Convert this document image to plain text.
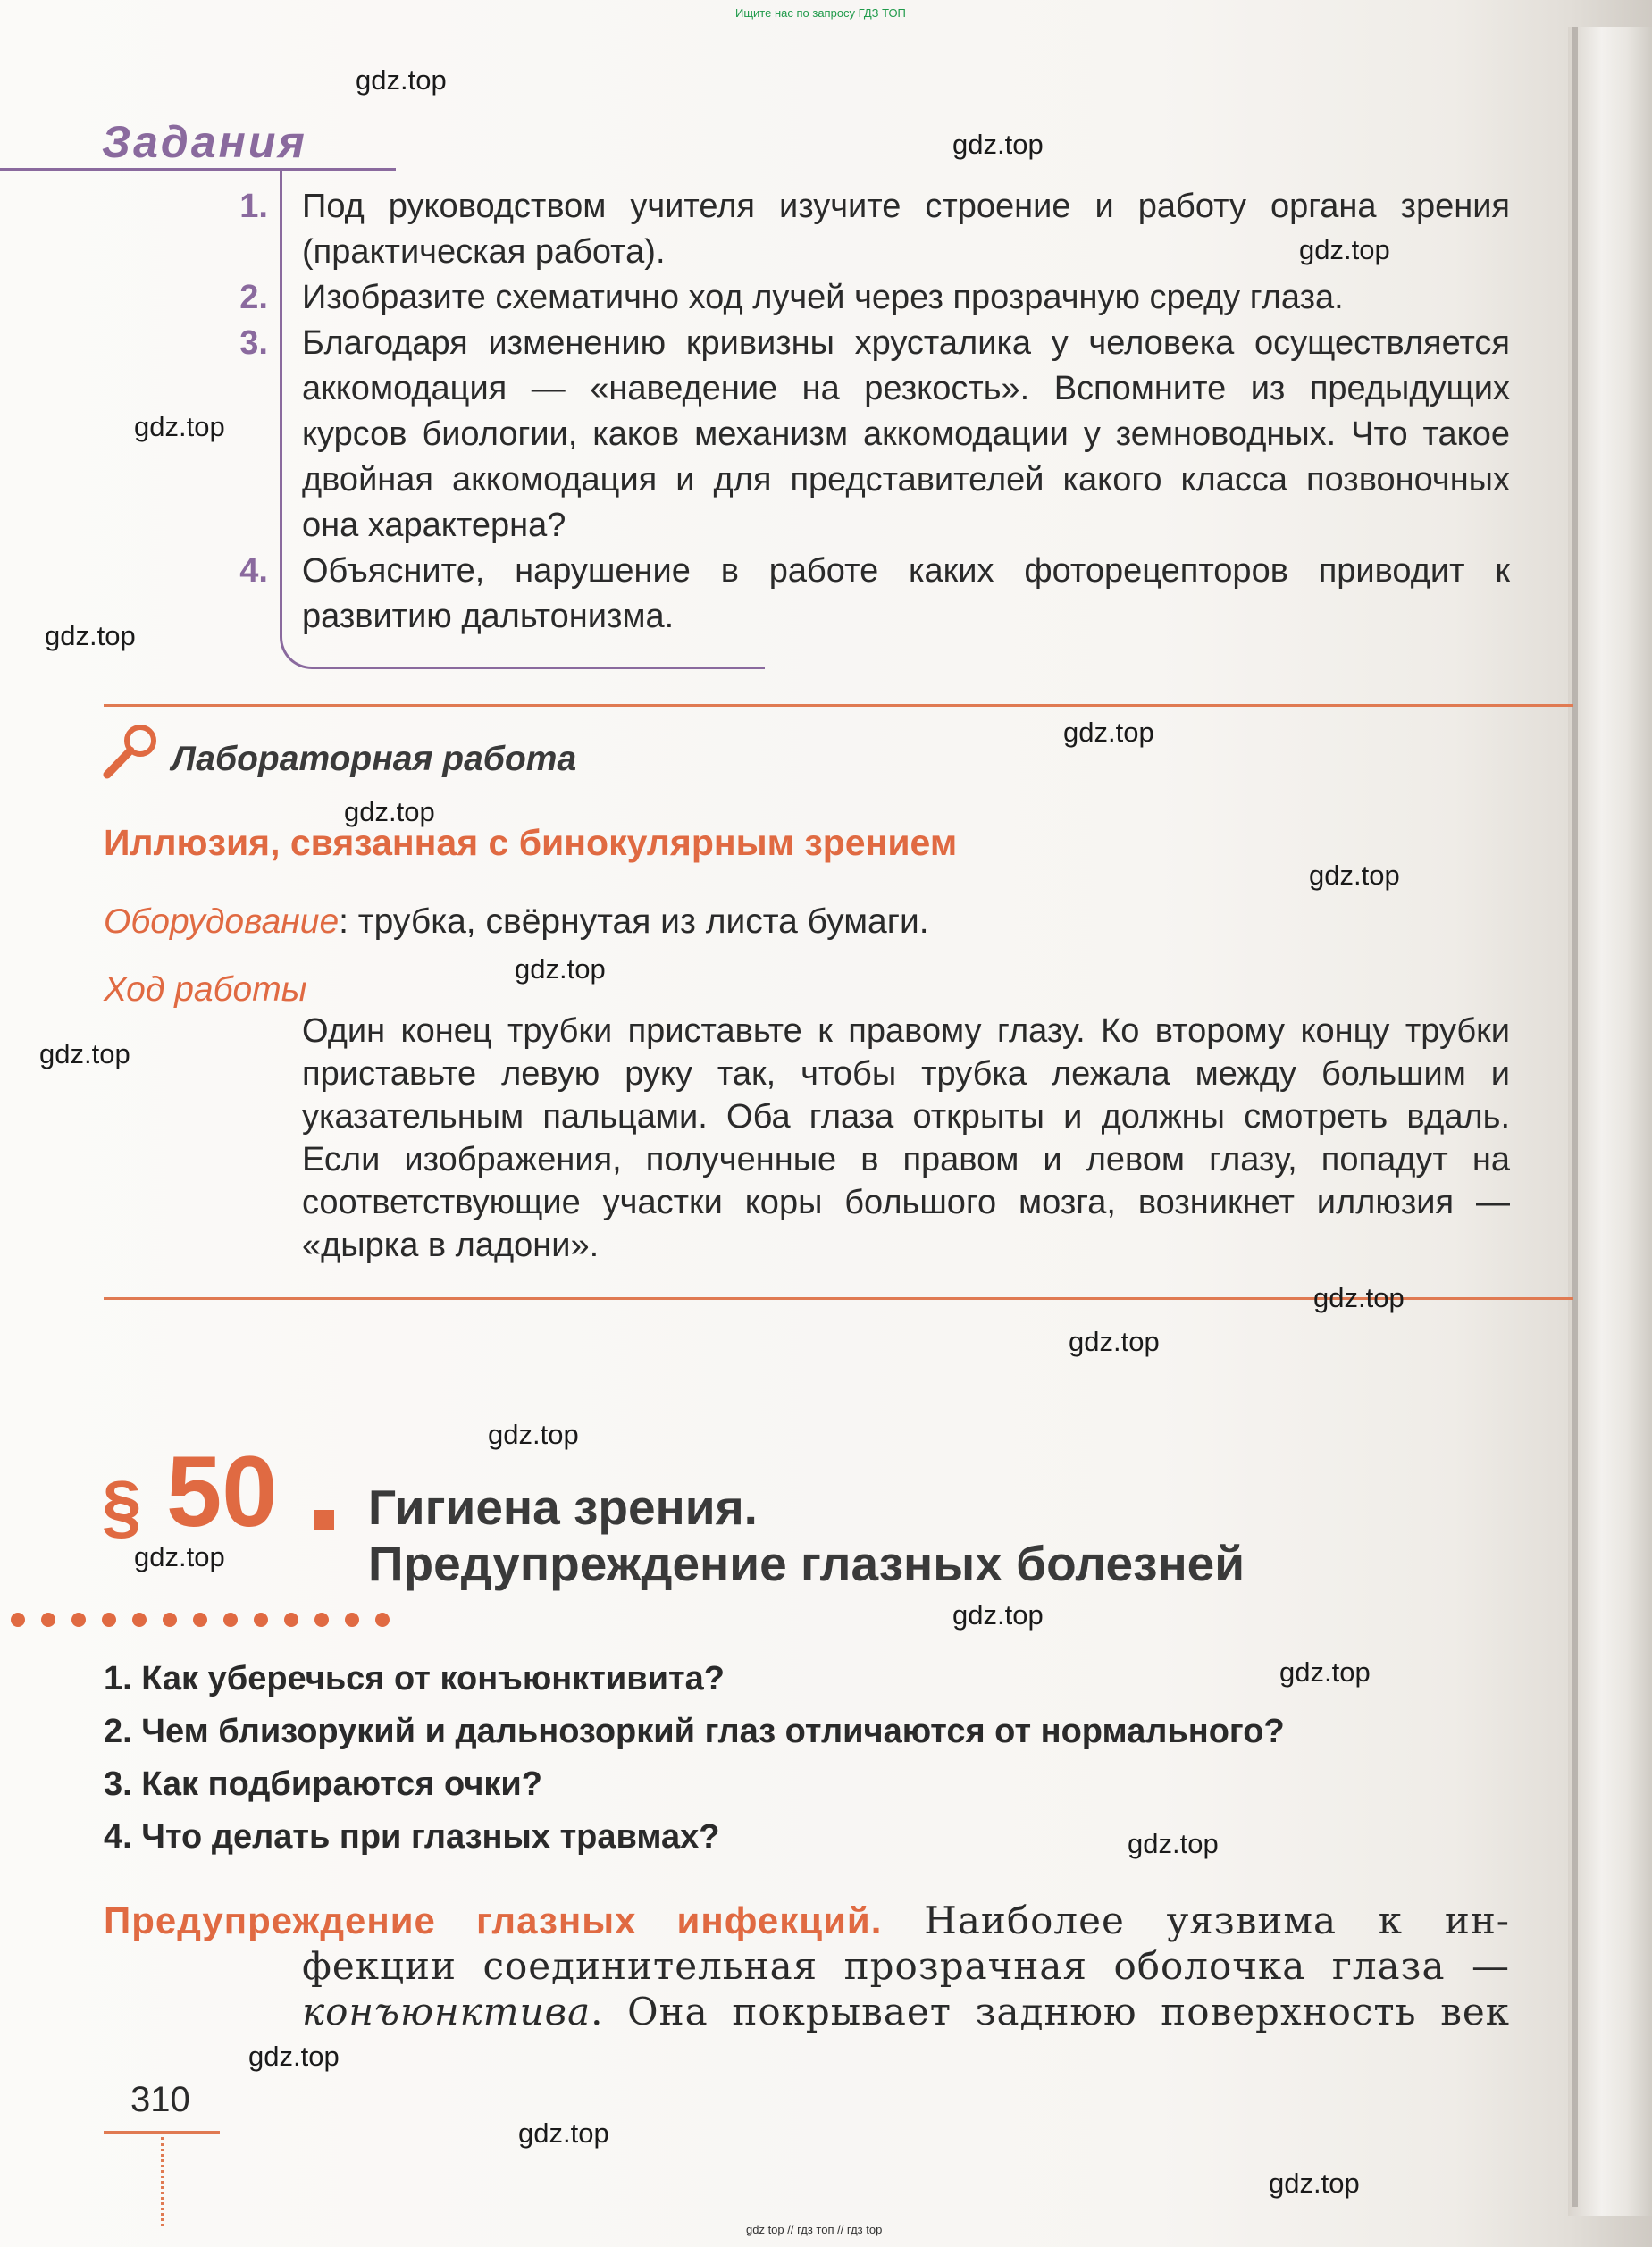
Ищите нас по запросу ГДЗ ТОП
Задания
1. Под руководством учителя изучите строение и работу органа зрения (практическая работа).
2. Изобразите схематично ход лучей через прозрачную среду глаза.
3. Благодаря изменению кривизны хрусталика у человека осуществляется аккомодация — «наведение на резкость». Вспомните из предыдущих курсов биологии, каков механизм аккомодации у земноводных. Что такое двойная аккомодация и для представителей какого класса позвоночных она характерна?
4. Объясните, нарушение в работе каких фоторецепторов приводит к развитию дальтонизма.
Лабораторная работа
Иллюзия, связанная с бинокулярным зрением
Оборудование: трубка, свёрнутая из листа бумаги.
Ход работы
Один конец трубки приставьте к правому глазу. Ко второму концу трубки приставьте левую руку так, чтобы трубка лежала между большим и указательным пальцами. Оба глаза открыты и должны смотреть вдаль. Если изображения, полученные в правом и левом глазу, попадут на соответствующие участки коры большого мозга, возникнет иллюзия — «дырка в ладони».
§ 50 Гигиена зрения.
Предупреждение глазных болезней
1. Как уберечься от конъюнктивита?
2. Чем близорукий и дальнозоркий глаз отличаются от нормального?
3. Как подбираются очки?
4. Что делать при глазных травмах?
Предупреждение глазных инфекций. Наиболее уязвима к ин-
фекции соединительная прозрачная оболочка глаза —
конъюнктива. Она покрывает заднюю поверхность век
310
gdz.top
gdz.top
gdz.top
gdz.top
gdz.top
gdz.top
gdz.top
gdz.top
gdz.top
gdz.top
gdz.top
gdz.top
gdz.top
gdz.top
gdz.top
gdz.top
gdz.top
gdz.top
gdz.top
gdz.top
gdz top // гдз топ // гдз top
